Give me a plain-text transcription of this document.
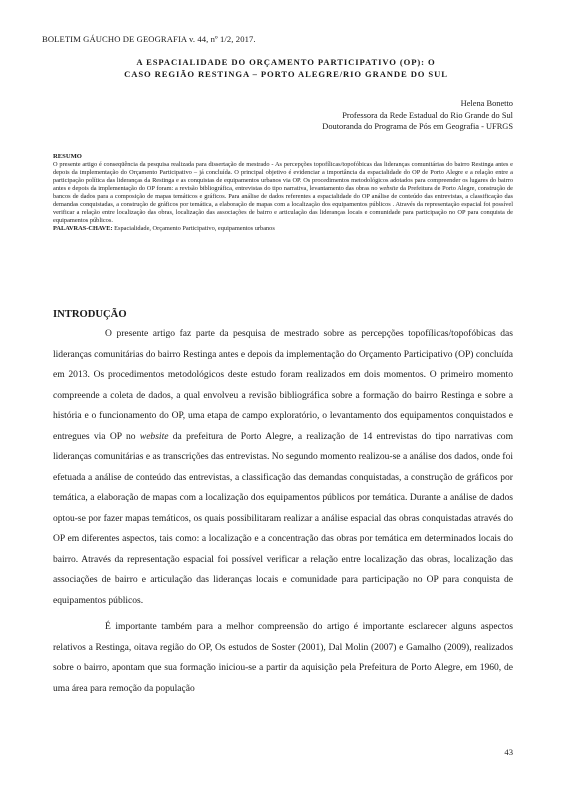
BOLETIM GÁUCHO DE GEOGRAFIA v. 44, nº 1/2, 2017.
A ESPACIALIDADE DO ORÇAMENTO PARTICIPATIVO (OP): O
CASO REGIÃO RESTINGA – PORTO ALEGRE/RIO GRANDE DO SUL
Helena Bonetto
Professora da Rede Estadual do Rio Grande do Sul
Doutoranda do Programa de Pós em Geografia - UFRGS
RESUMO

O presente artigo é conseqüência da pesquisa realizada para dissertação de mestrado - As percepções topofílicas/topofóbicas das lideranças comunitárias do bairro Restinga antes e depois da implementação do Orçamento Participativo – já concluída. O principal objetivo é evidenciar a importância da espacialidade do OP de Porto Alegre e a relação entre a participação política das lideranças da Restinga e as conquistas de equipamentos urbanos via OP. Os procedimentos metodológicos adotados para compreender os lugares do bairro antes e depois da implementação do OP foram: a revisão bibliográfica, entrevistas do tipo narrativa, levantamento das obras no website da Prefeitura de Porto Alegre, construção de bancos de dados para a composição de mapas temáticos e gráficos. Para análise de dados referentes a espacialidade do OP análise de conteúdo das entrevistas, a classificação das demandas conquistadas, a construção de gráficos por temática, a elaboração de mapas com a localização dos equipamentos públicos . Através da representação espacial foi possível verificar a relação entre localização das obras, localização das associações de bairro e articulação das lideranças locais e comunidade para participação no OP para conquista de equipamentos públicos.

PALAVRAS-CHAVE: Espacialidade, Orçamento Participativo, equipamentos urbanos

INTRODUÇÃO

O presente artigo faz parte da pesquisa de mestrado sobre as percepções topofílicas/topofóbicas das lideranças comunitárias do bairro Restinga antes e depois da implementação do Orçamento Participativo (OP) concluída em 2013. Os procedimentos metodológicos deste estudo foram realizados em dois momentos. O primeiro momento compreende a coleta de dados, a qual envolveu a revisão bibliográfica sobre a formação do bairro Restinga e sobre a história e o funcionamento do OP, uma etapa de campo exploratório, o levantamento dos equipamentos conquistados e entregues via OP no website da prefeitura de Porto Alegre, a realização de 14 entrevistas do tipo narrativas com lideranças comunitárias e as transcrições das entrevistas. No segundo momento realizou-se a análise dos dados, onde foi efetuada a análise de conteúdo das entrevistas, a classificação das demandas conquistadas, a construção de gráficos por temática, a elaboração de mapas com a localização dos equipamentos públicos por temática. Durante a análise de dados optou-se por fazer mapas temáticos, os quais possibilitaram realizar a análise espacial das obras conquistadas através do OP em diferentes aspectos, tais como: a localização e a concentração das obras por temática em determinados locais do bairro. Através da representação espacial foi possível verificar a relação entre localização das obras, localização das associações de bairro e articulação das lideranças locais e comunidade para participação no OP para conquista de equipamentos públicos.

É importante também para a melhor compreensão do artigo é importante esclarecer alguns aspectos relativos a Restinga, oitava região do OP, Os estudos de Soster (2001), Dal Molin (2007) e Gamalho (2009), realizados sobre o bairro, apontam que sua formação iniciou-se a partir da aquisição pela Prefeitura de Porto Alegre, em 1960, de uma área para remoção da população

43
